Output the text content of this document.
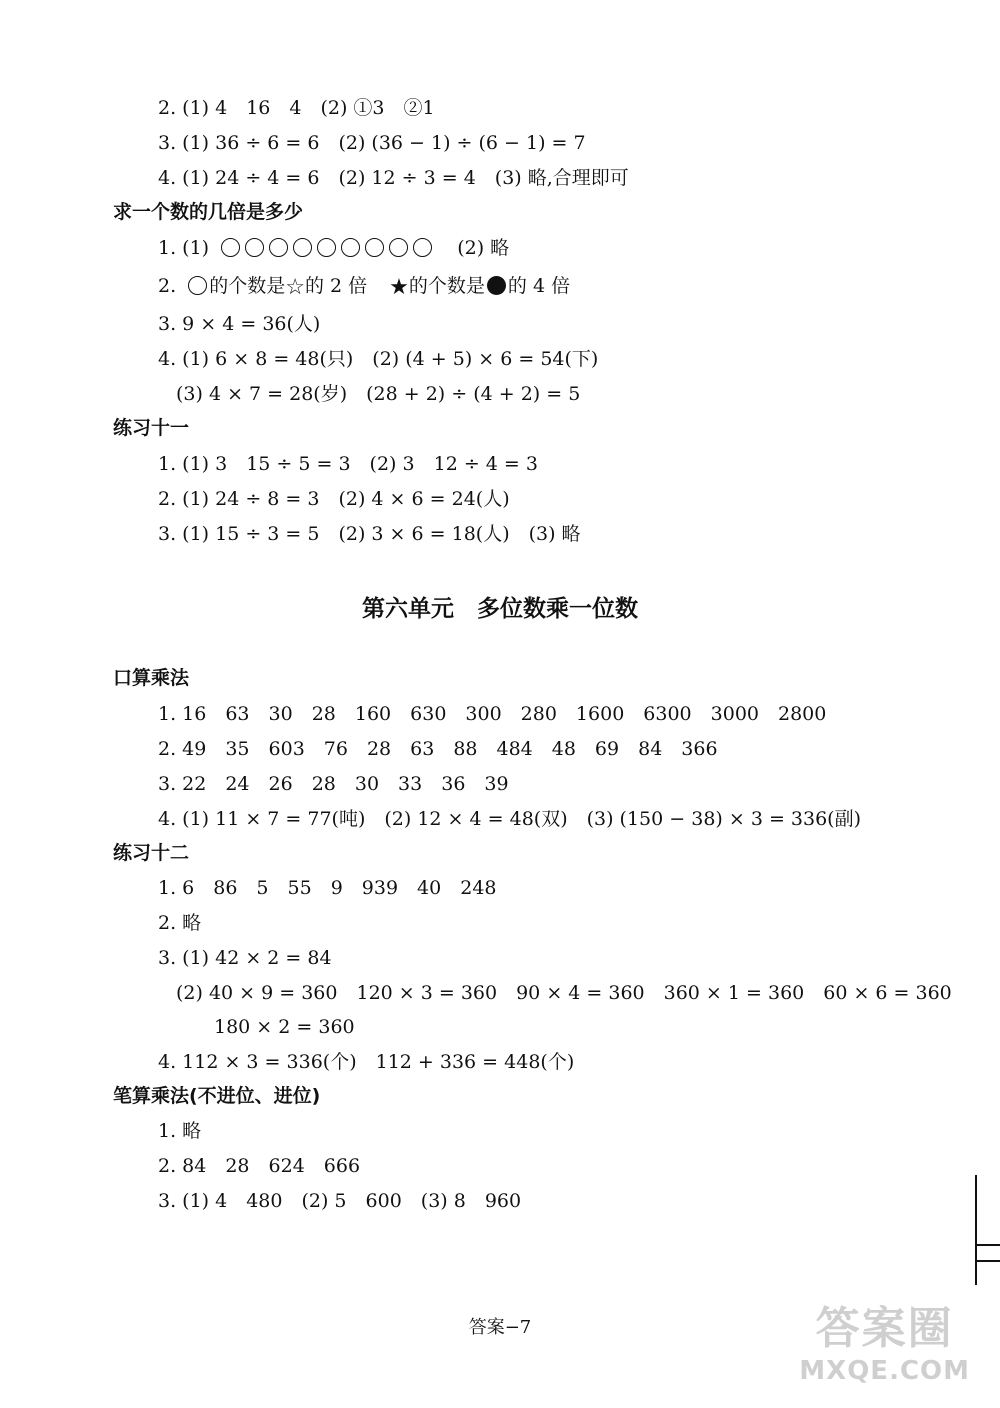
2. (1) 4　16　4　(2) ①3　②1
3. (1) 36 ÷ 6 = 6　(2) (36 − 1) ÷ (6 − 1) = 7
4. (1) 24 ÷ 4 = 6　(2) 12 ÷ 3 = 4　(3) 略,合理即可
求一个数的几倍是多少
1. (1)	(2) 略
2. 的个数是☆的 2 倍 ★的个数是 的 4 倍
3. 9 × 4 = 36(人)
4. (1) 6 × 8 = 48(只)　(2) (4 + 5) × 6 = 54(下)
(3) 4 × 7 = 28(岁)　(28 + 2) ÷ (4 + 2) = 5
练习十一
1. (1) 3　15 ÷ 5 = 3　(2) 3　12 ÷ 4 = 3
2. (1) 24 ÷ 8 = 3　(2) 4 × 6 = 24(人)
3. (1) 15 ÷ 3 = 5　(2) 3 × 6 = 18(人)　(3) 略
第六单元　多位数乘一位数
口算乘法
1. 16　63　30　28　160　630　300　280　1600　6300　3000　2800
2. 49　35　603　76　28　63　88　484　48　69　84　366
3. 22　24　26　28　30　33　36　39
4. (1) 11 × 7 = 77(吨)　(2) 12 × 4 = 48(双)　(3) (150 − 38) × 3 = 336(副)
练习十二
1. 6　86　5　55　9　939　40　248
2. 略
3. (1) 42 × 2 = 84
(2) 40 × 9 = 360　120 × 3 = 360　90 × 4 = 360　360 × 1 = 360　60 × 6 = 360
180 × 2 = 360
4. 112 × 3 = 336(个)　112 + 336 = 448(个)
笔算乘法(不进位、进位)
1. 略
2. 84　28　624　666
3. (1) 4　480　(2) 5　600　(3) 8　960
答案−7	答案圈
MXQE.COM
